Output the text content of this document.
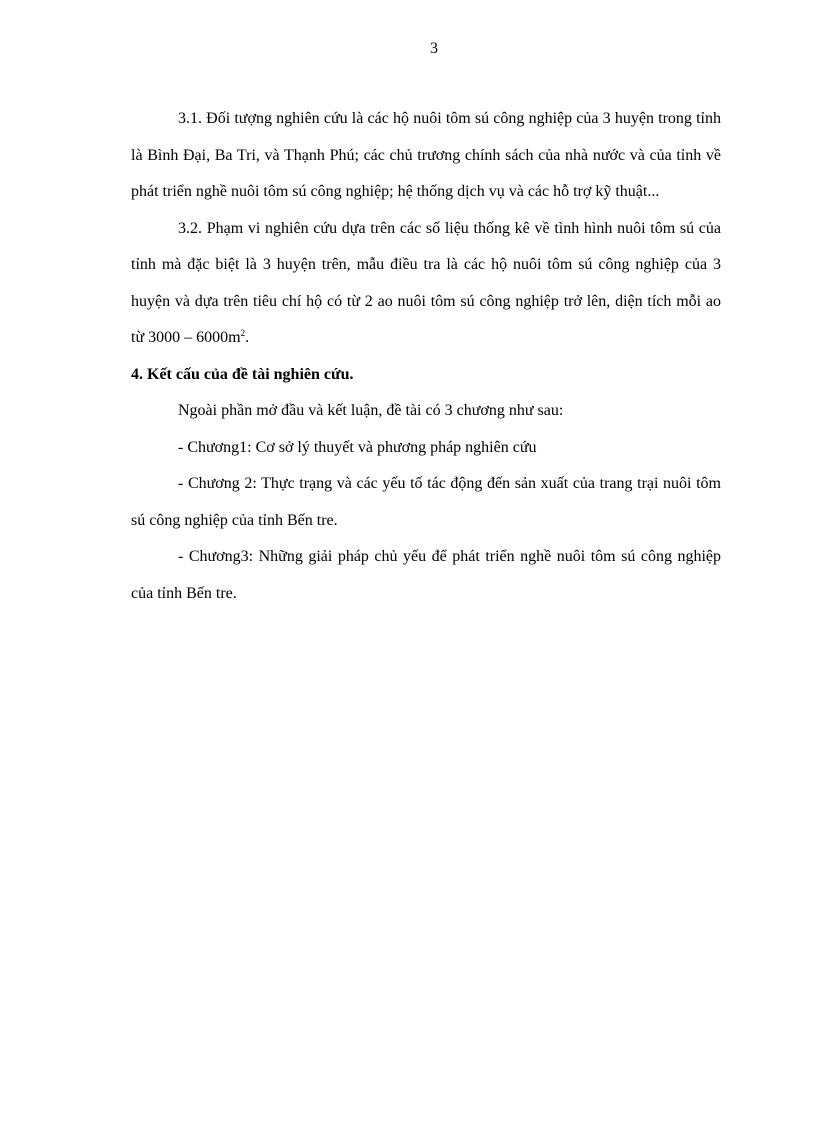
3

3.1. Đối tượng nghiên cứu là các hộ nuôi tôm sú công nghiệp của 3 huyện trong tỉnh là Bình Đại, Ba Tri, và Thạnh Phú; các chủ trương chính sách của nhà nước và của tỉnh về phát triển nghề nuôi tôm sú công nghiệp; hệ thống dịch vụ và các hỗ trợ kỹ thuật...

3.2. Phạm vi nghiên cứu dựa trên các số liệu thống kê về tình hình nuôi tôm sú của tỉnh mà đặc biệt là 3 huyện trên, mẫu điều tra là các hộ nuôi tôm sú công nghiệp của 3 huyện và dựa trên tiêu chí hộ có từ 2 ao nuôi tôm sú công nghiệp trở lên, diện tích mỗi ao từ $3000 - 6000m^2$.

4. Kết cấu của đề tài nghiên cứu.

Ngoài phần mở đầu và kết luận, đề tài có 3 chương như sau:

- Chương1: Cơ sở lý thuyết và phương pháp nghiên cứu

- Chương 2: Thực trạng và các yếu tố tác động đến sản xuất của trang trại nuôi tôm sú công nghiệp của tỉnh Bến tre.

- Chương3: Những giải pháp chủ yếu để phát triển nghề nuôi tôm sú công nghiệp của tỉnh Bến tre.
